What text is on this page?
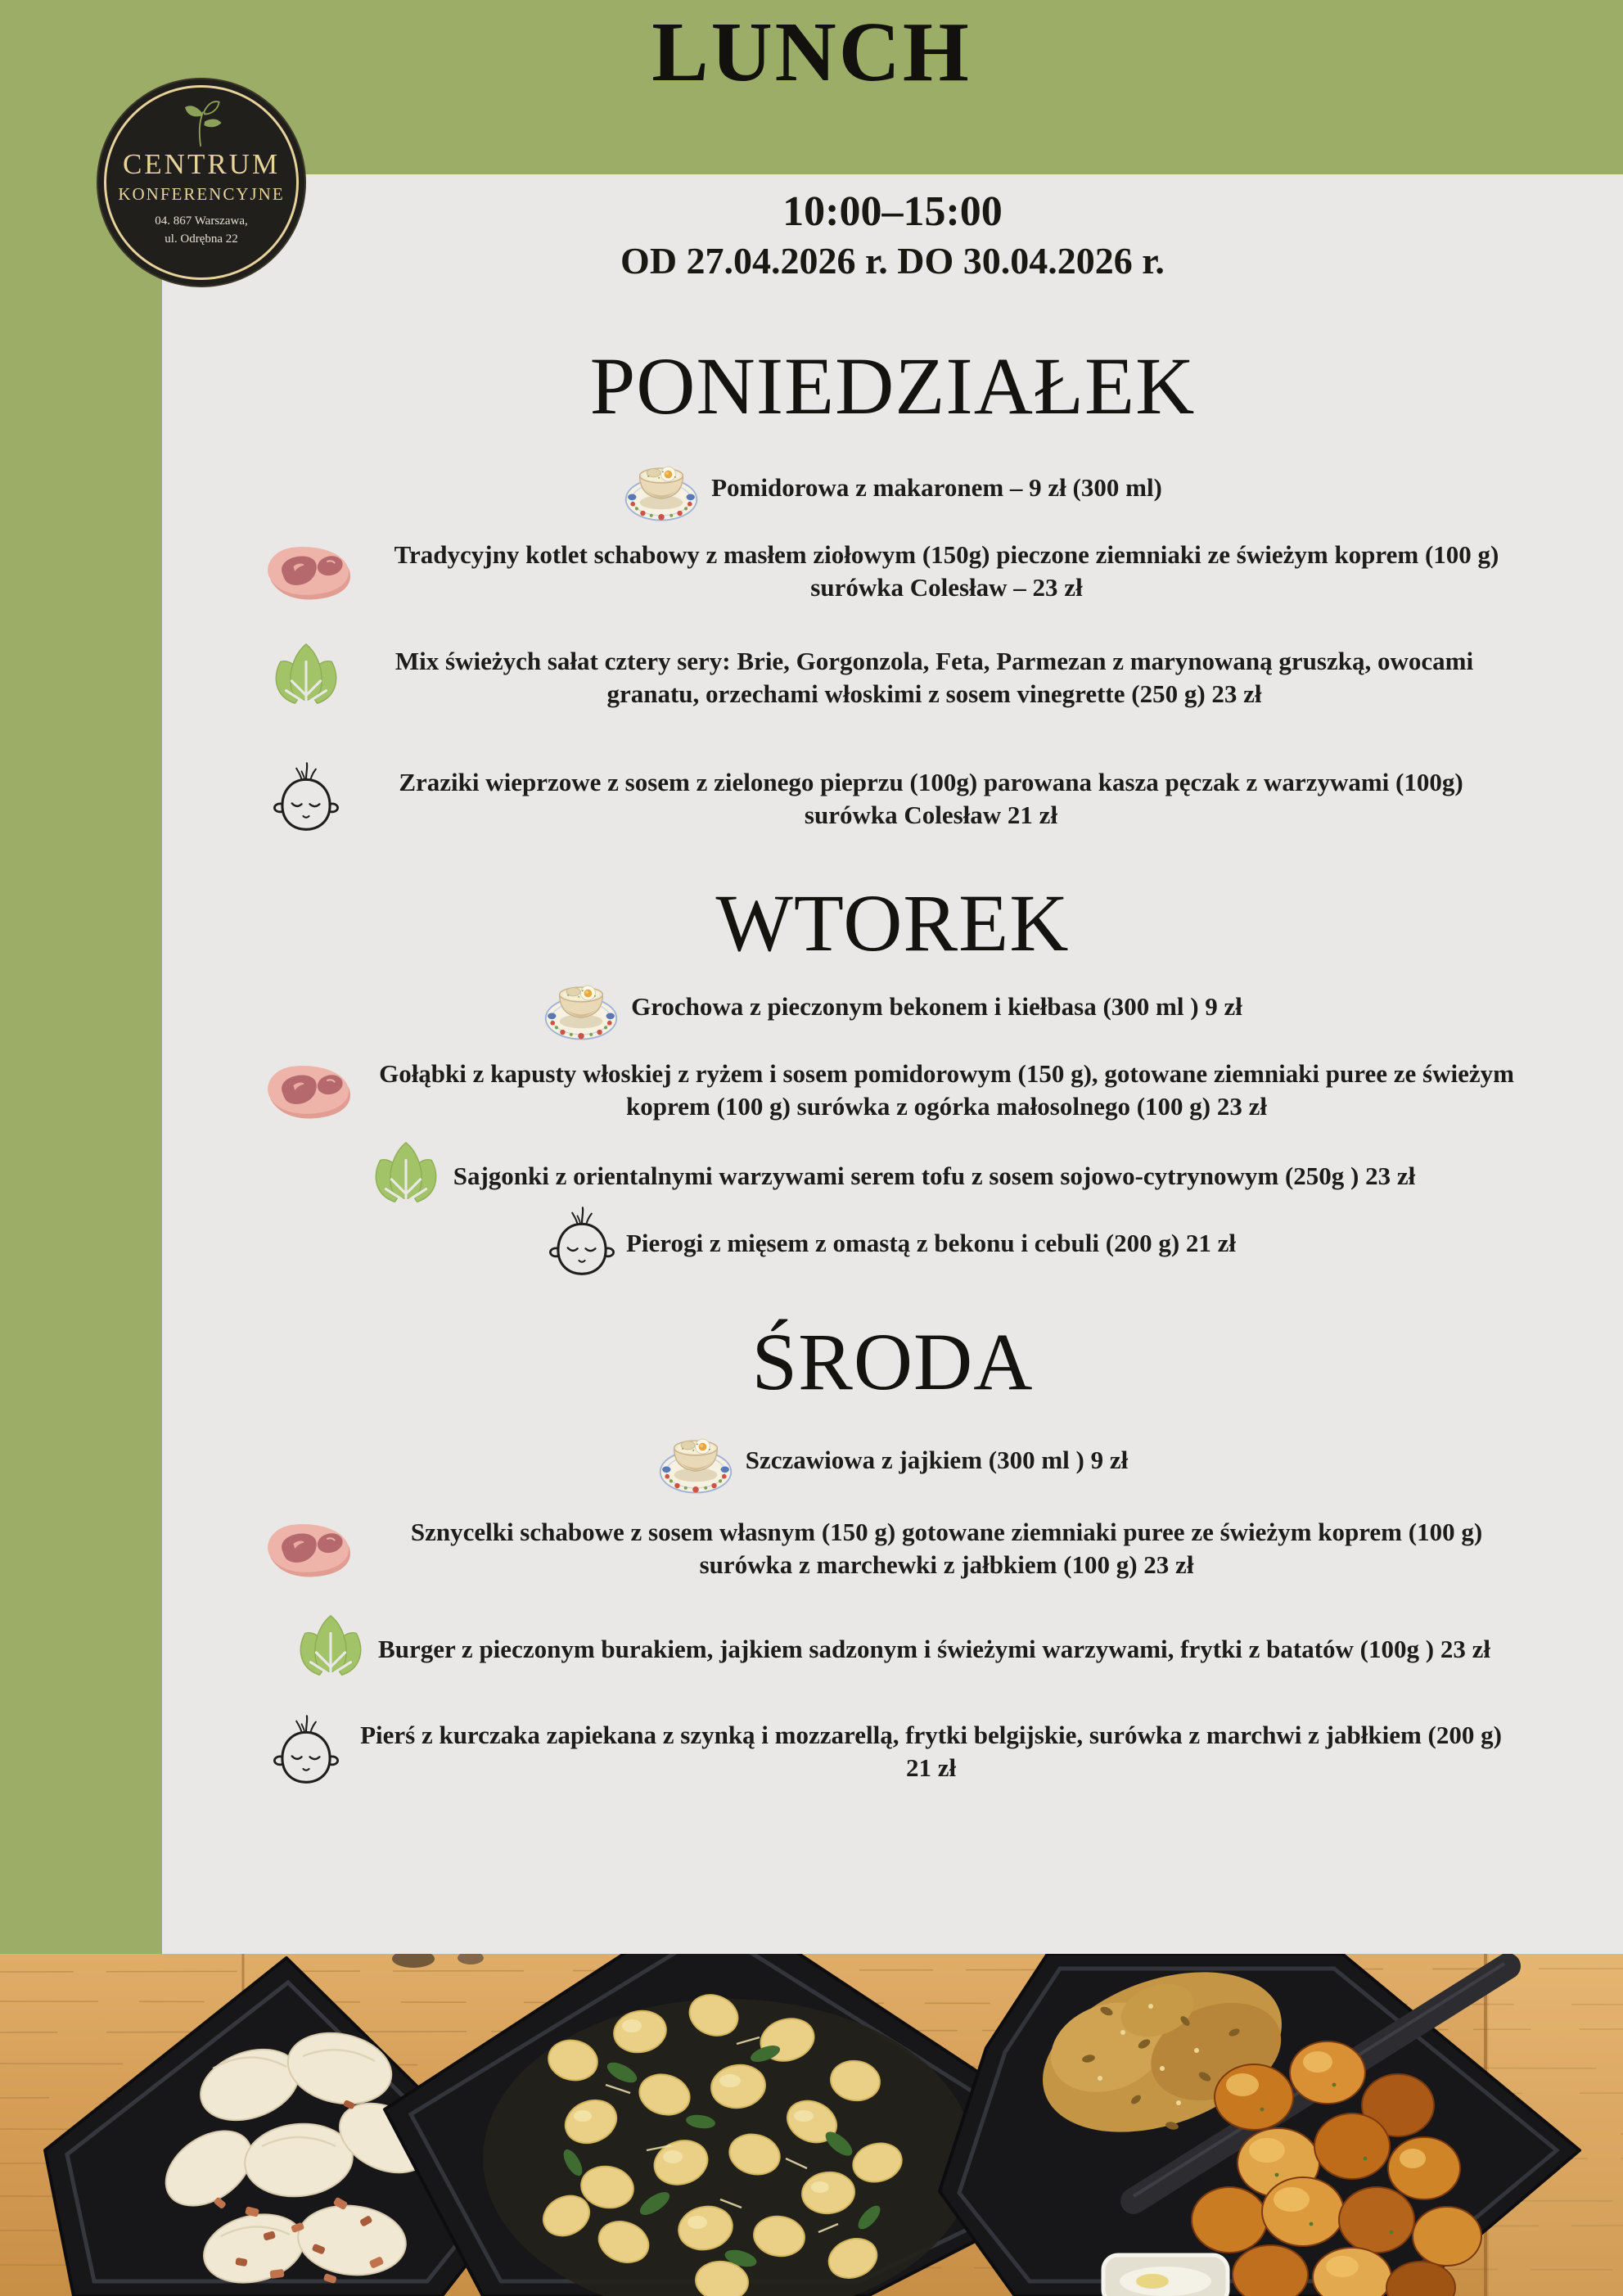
LUNCH
10:00–15:00
OD 27.04.2026 r. DO 30.04.2026 r.
CENTRUM
KONFERENCYJNE
04. 867 Warszawa,
ul. Odrębna 22
PONIEDZIAŁEK
WTOREK
ŚRODA
Pomidorowa z makaronem – 9 zł (300 ml)
Tradycyjny kotlet schabowy z masłem ziołowym (150g) pieczone ziemniaki ze świeżym koprem (100 g) surówka Colesław – 23 zł
Mix świeżych sałat cztery sery: Brie, Gorgonzola, Feta, Parmezan z marynowaną gruszką, owocami granatu, orzechami włoskimi z sosem vinegrette (250 g) 23 zł
Zraziki wieprzowe z sosem z zielonego pieprzu (100g) parowana kasza pęczak z warzywami (100g) surówka Colesław 21 zł
Grochowa z pieczonym bekonem i kiełbasa (300 ml ) 9 zł
Gołąbki z kapusty włoskiej z ryżem i sosem pomidorowym (150 g), gotowane ziemniaki puree ze świeżym koprem (100 g) surówka z ogórka małosolnego (100 g) 23 zł
Sajgonki z orientalnymi warzywami serem tofu z sosem sojowo-cytrynowym (250g ) 23 zł
Pierogi z mięsem z omastą z bekonu i cebuli (200 g) 21 zł
Szczawiowa z jajkiem (300 ml ) 9 zł
Sznycelki schabowe z sosem własnym (150 g) gotowane ziemniaki puree ze świeżym koprem (100 g) surówka z marchewki z jałbkiem (100 g) 23 zł
Burger z pieczonym burakiem, jajkiem sadzonym i świeżymi warzywami, frytki z batatów (100g ) 23 zł
Pierś z kurczaka zapiekana z szynką i mozzarellą, frytki belgijskie, surówka z marchwi z jabłkiem (200 g) 21 zł
